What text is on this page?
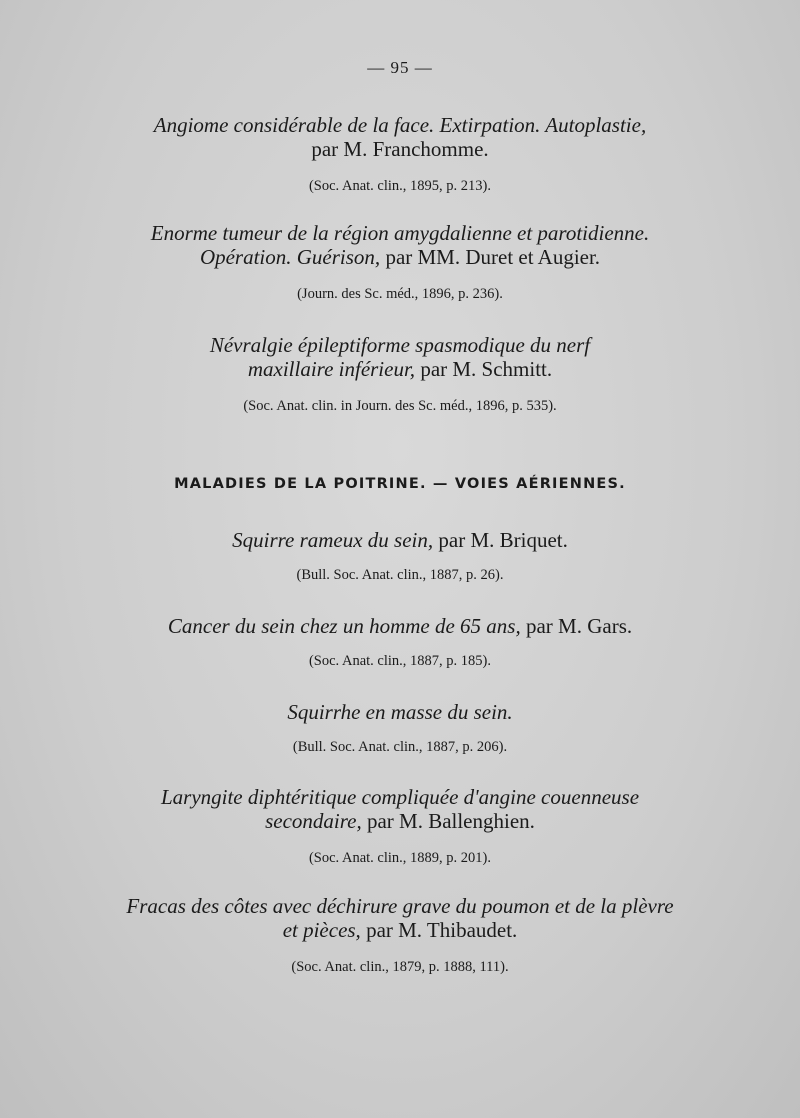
— 95 —
Angiome considérable de la face. Extirpation. Autoplastie,
par M. Franchomme.
(Soc. Anat. clin., 1895, p. 213).
Enorme tumeur de la région amygdalienne et parotidienne.
Opération. Guérison, par MM. Duret et Augier.
(Journ. des Sc. méd., 1896, p. 236).
Névralgie épileptiforme spasmodique du nerf
maxillaire inférieur, par M. Schmitt.
(Soc. Anat. clin. in Journ. des Sc. méd., 1896, p. 535).
MALADIES DE LA POITRINE. — VOIES AÉRIENNES.
Squirre rameux du sein, par M. Briquet.
(Bull. Soc. Anat. clin., 1887, p. 26).
Cancer du sein chez un homme de 65 ans, par M. Gars.
(Soc. Anat. clin., 1887, p. 185).
Squirrhe en masse du sein.
(Bull. Soc. Anat. clin., 1887, p. 206).
Laryngite diphtéritique compliquée d'angine couenneuse
secondaire, par M. Ballenghien.
(Soc. Anat. clin., 1889, p. 201).
Fracas des côtes avec déchirure grave du poumon et de la plèvre
et pièces, par M. Thibaudet.
(Soc. Anat. clin., 1879, p. 1888, 111).
